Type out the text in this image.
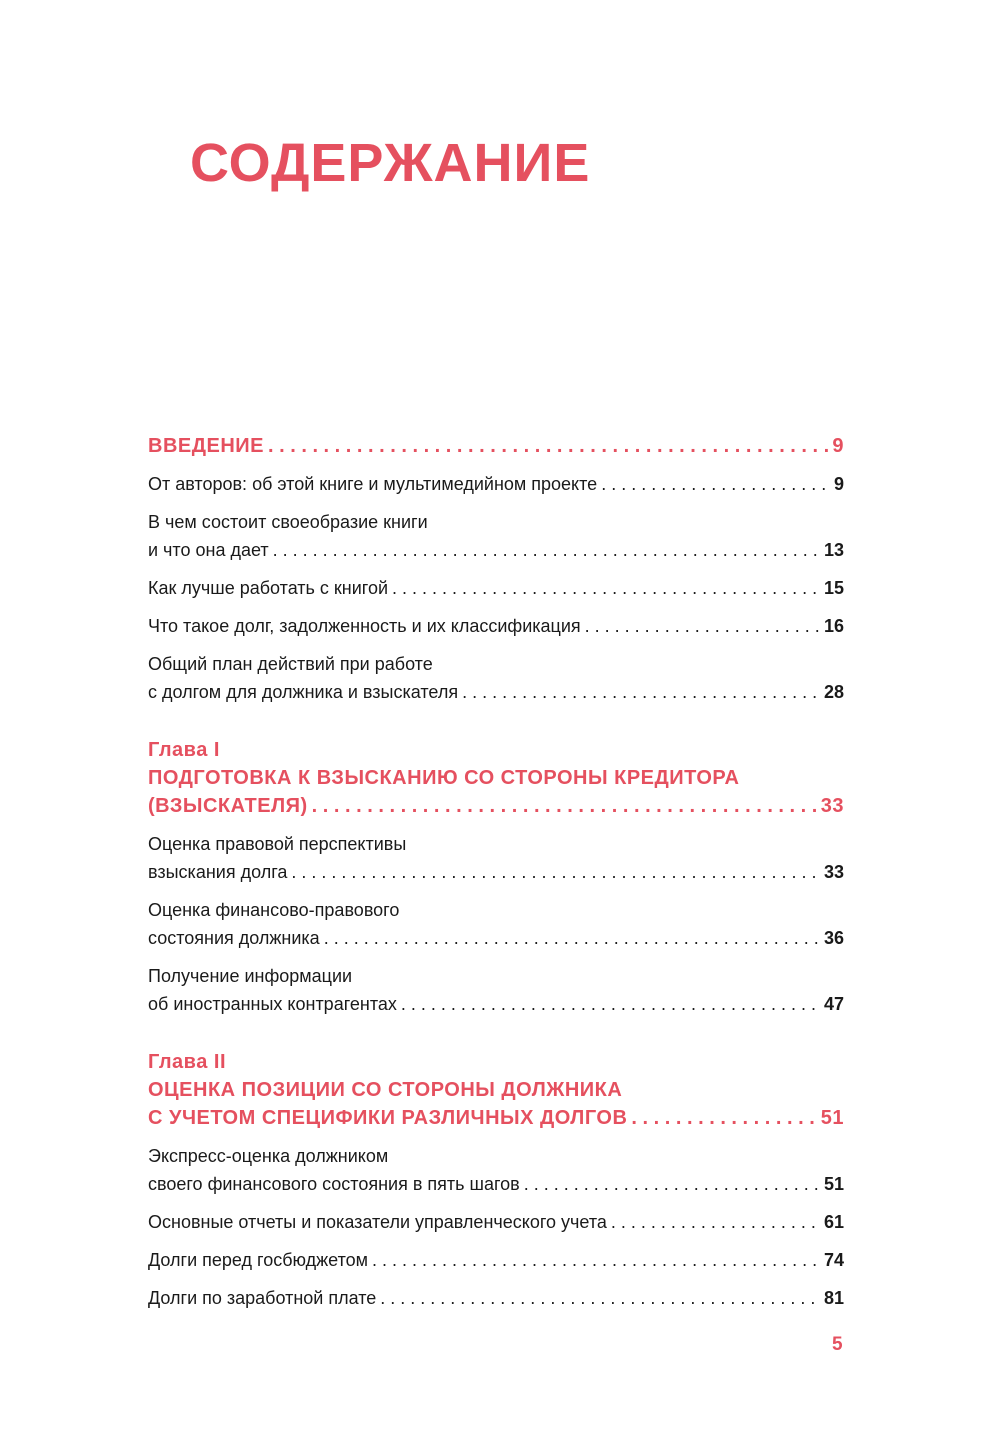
СОДЕРЖАНИЕ
ВВЕДЕНИЕ . . .	9
От авторов: об этой книге и мультимедийном проекте . . .	9
В чем состоит своеобразие книги
и что она дает . . .	13
Как лучше работать с книгой . . .	15
Что такое долг, задолженность и их классификация . . .	16
Общий план действий при работе
с долгом для должника и взыскателя . . .	28
Глава I
ПОДГОТОВКА К ВЗЫСКАНИЮ СО СТОРОНЫ КРЕДИТОРА
(ВЗЫСКАТЕЛЯ) . . .	33
Оценка правовой перспективы
взыскания долга . . .	33
Оценка финансово-правового
состояния должника . . .	36
Получение информации
об иностранных контрагентах . . .	47
Глава II
ОЦЕНКА ПОЗИЦИИ СО СТОРОНЫ ДОЛЖНИКА
С УЧЕТОМ СПЕЦИФИКИ РАЗЛИЧНЫХ ДОЛГОВ . . .	51
Экспресс-оценка должником
своего финансового состояния в пять шагов . . .	51
Основные отчеты и показатели управленческого учета . . .	61
Долги перед госбюджетом . . .	74
Долги по заработной плате . . .	81
5
